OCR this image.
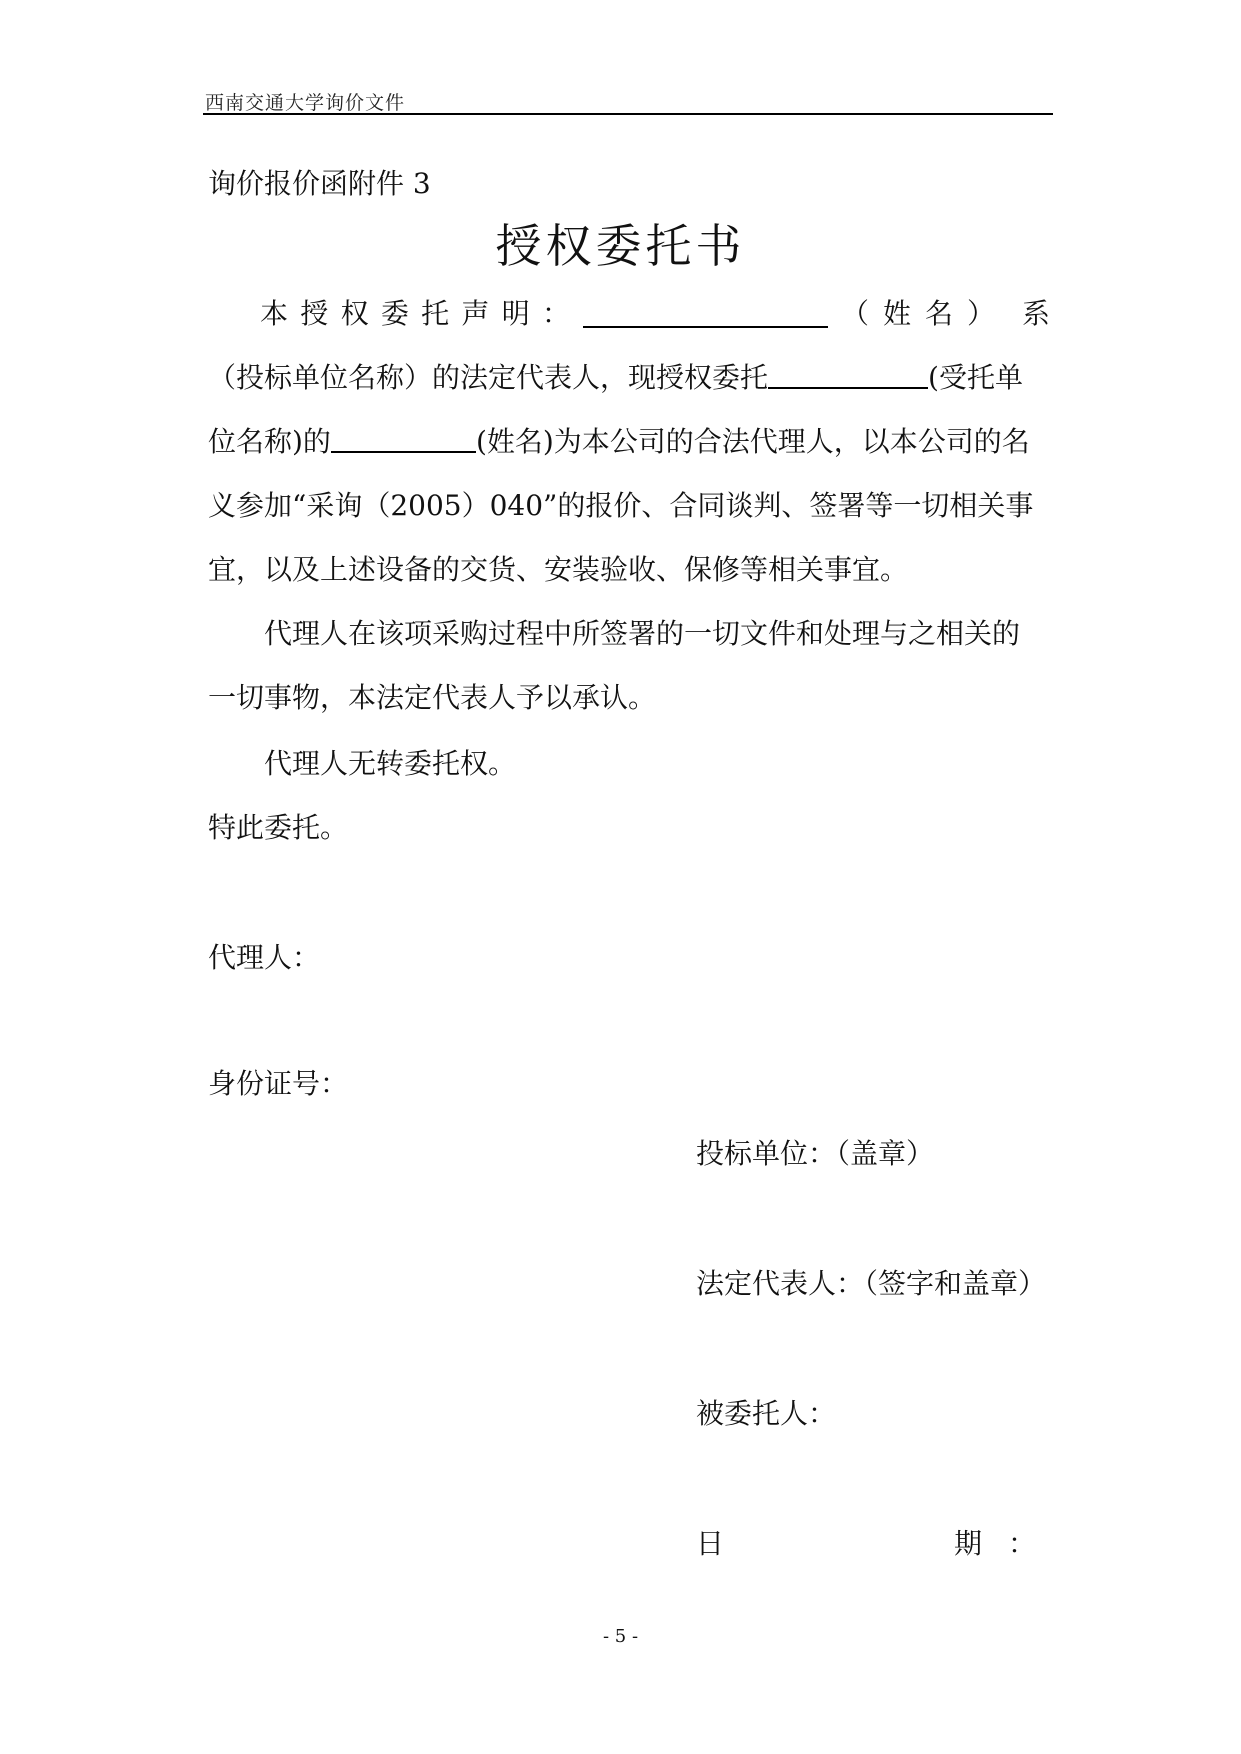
西南交通大学询价文件
询价报价函附件 3
授权委托书
本 授 权 委 托 声 明 ：	（姓名） 系
（投标单位名称）的法定代表人，现授权委托	(受托单
位名称)的	(姓名)为本公司的合法代理人，以本公司的名
义参加“采询（2005）040”的报价、合同谈判、签署等一切相关事
宜，以及上述设备的交货、安装验收、保修等相关事宜。
代理人在该项采购过程中所签署的一切文件和处理与之相关的
一切事物，本法定代表人予以承认。
代理人无转委托权。
特此委托。
代理人：
身份证号：
投标单位：（盖章）
法定代表人：（签字和盖章）
被委托人：
日	期 ：
- 5 -
